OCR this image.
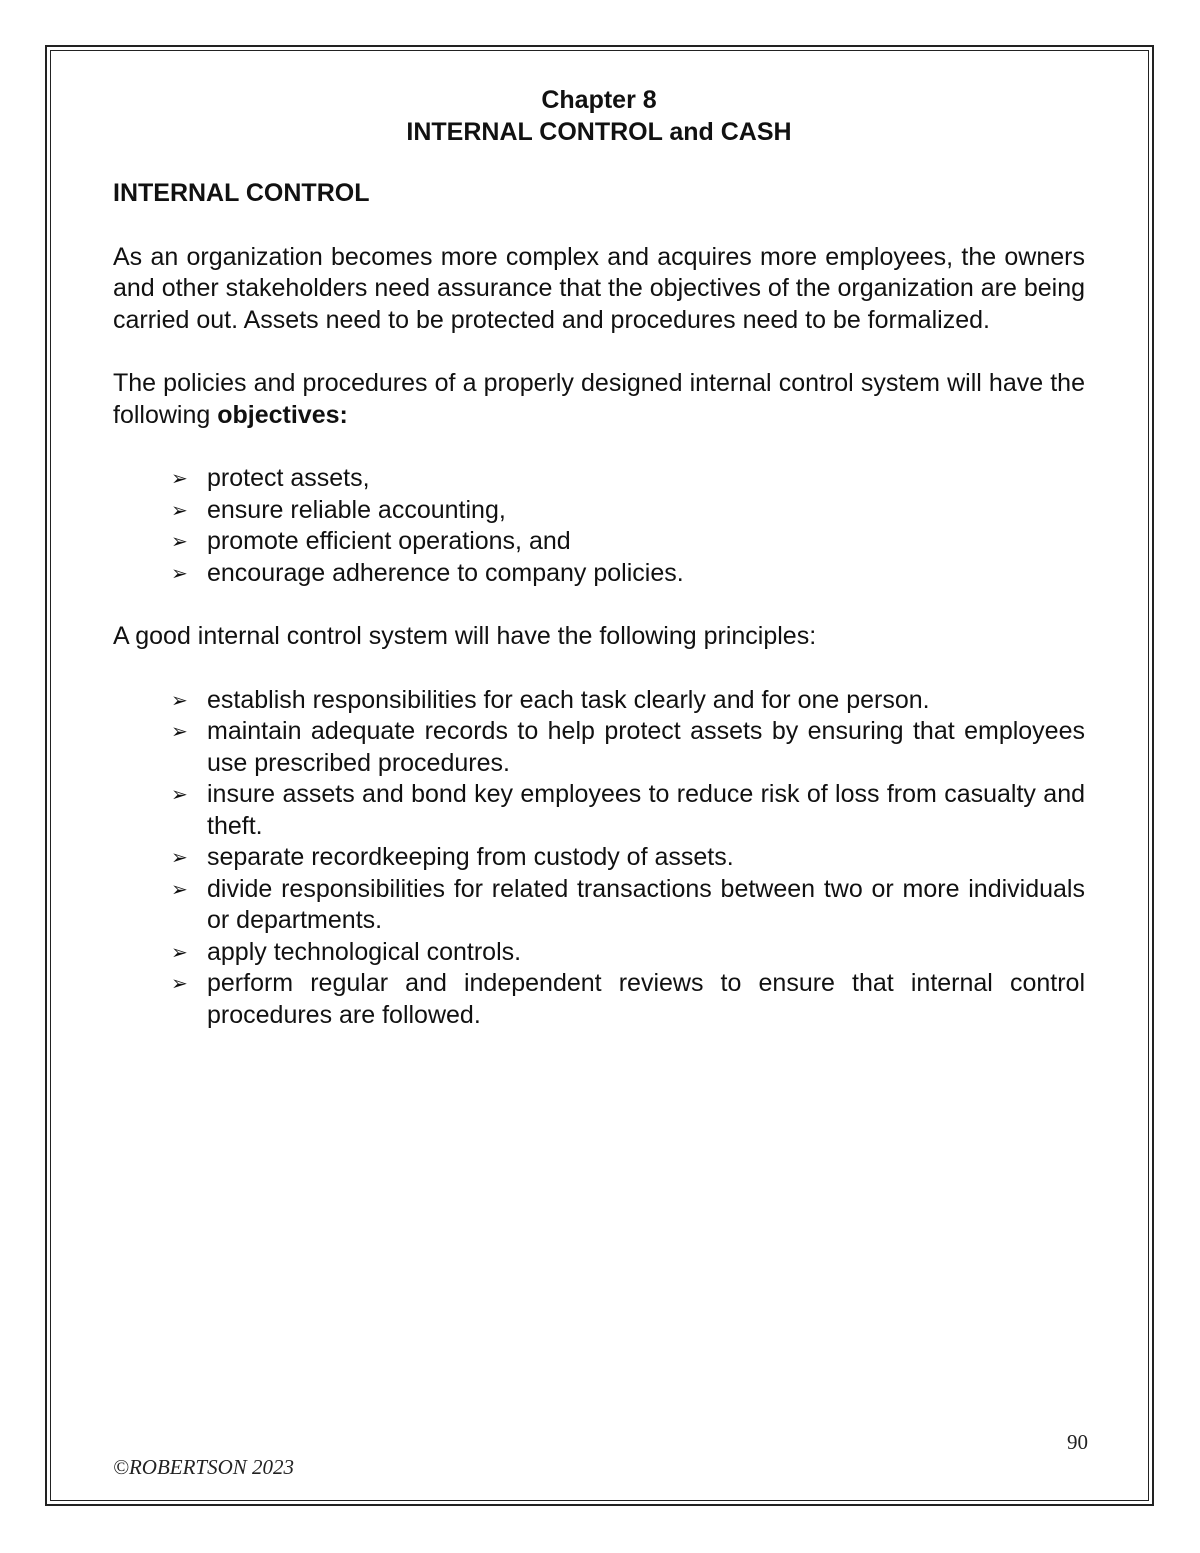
Chapter 8
INTERNAL CONTROL and CASH
INTERNAL CONTROL

As an organization becomes more complex and acquires more employees, the owners and other stakeholders need assurance that the objectives of the organization are being carried out. Assets need to be protected and procedures need to be formalized.

The policies and procedures of a properly designed internal control system will have the following objectives:

➢ protect assets,
➢ ensure reliable accounting,
➢ promote efficient operations, and
➢ encourage adherence to company policies.

A good internal control system will have the following principles:

➢ establish responsibilities for each task clearly and for one person.
➢ maintain adequate records to help protect assets by ensuring that employees use prescribed procedures.
➢ insure assets and bond key employees to reduce risk of loss from casualty and theft.
➢ separate recordkeeping from custody of assets.
➢ divide responsibilities for related transactions between two or more individuals or departments.
➢ apply technological controls.
➢ perform regular and independent reviews to ensure that internal control procedures are followed.
90
©ROBERTSON 2023
